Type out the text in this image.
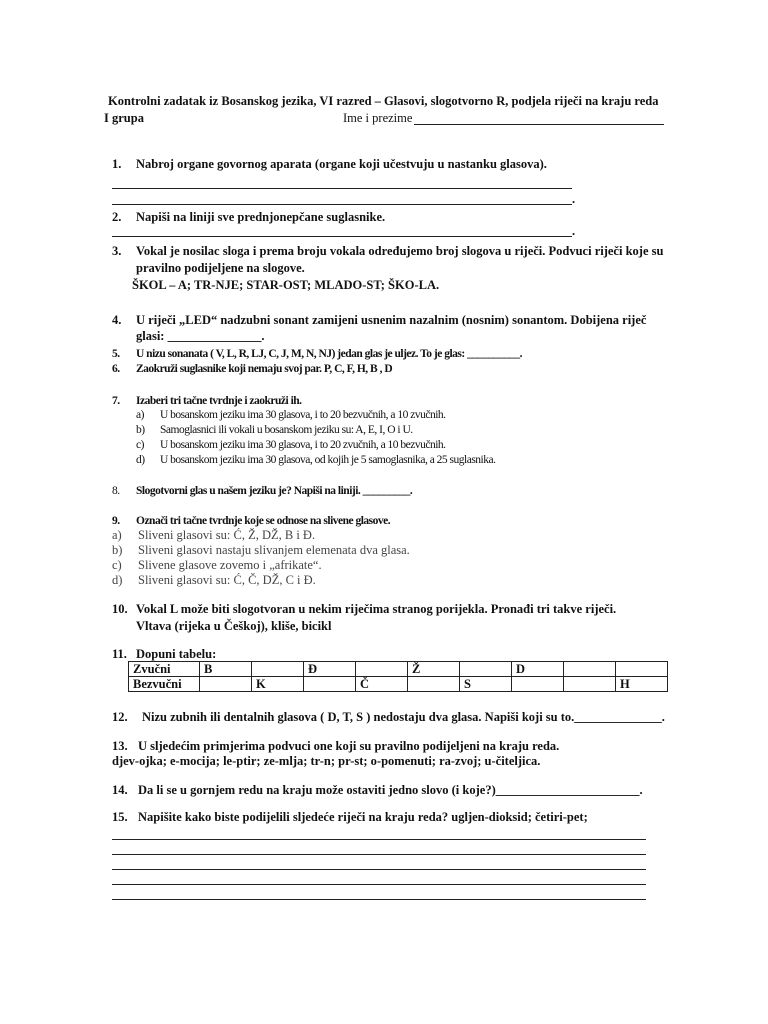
Kontrolni zadatak iz Bosanskog jezika, VI razred – Glasovi, slogotvorno R, podjela riječi na kraju reda
I grupa	Ime i prezime
1. Nabroj organe govornog aparata (organe koji učestvuju u nastanku glasova).
.
2. Napiši na liniji sve prednjonepčane suglasnike.
.
3. Vokal je nosilac sloga i prema broju vokala određujemo broj slogova u riječi. Podvuci riječi koje su
pravilno podijeljene na slogove.
ŠKOL – A; TR-NJE; STAR-OST; MLADO-ST; ŠKO-LA.
4. U riječi „LED“ nadzubni sonant zamijeni usnenim nazalnim (nosnim) sonantom. Dobijena riječ
glasi: _______________.
5. U nizu sonanata ( V, L, R, LJ, C, J, M, N, NJ) jedan glas je uljez. To je glas: __________.
6. Zaokruži suglasnike koji nemaju svoj par. P, C, F, H, B , D
7. Izaberi tri tačne tvrdnje i zaokruži ih.
a) U bosanskom jeziku ima 30 glasova, i to 20 bezvučnih, a 10 zvučnih.
b) Samoglasnici ili vokali u bosanskom jeziku su: A, E, I, O i U.
c) U bosanskom jeziku ima 30 glasova, i to 20 zvučnih, a 10 bezvučnih.
d) U bosanskom jeziku ima 30 glasova, od kojih je 5 samoglasnika, a 25 suglasnika.
8. Slogotvorni glas u našem jeziku je? Napiši na liniji. _________.
9. Označi tri tačne tvrdnje koje se odnose na slivene glasove.
a) Sliveni glasovi su: Ć, Ž, DŽ, B i Đ.
b) Sliveni glasovi nastaju slivanjem elemenata dva glasa.
c) Slivene glasove zovemo i „afrikate“.
d) Sliveni glasovi su: Ć, Č, DŽ, C i Đ.
10. Vokal L može biti slogotvoran u nekim riječima stranog porijekla. Pronađi tri takve riječi.
Vltava (rijeka u Češkoj), kliše, bicikl
11. Dopuni tabelu:
Zvučni	B		Đ		Ž		D		
Bezvučni		K		Č		S			H
12. Nizu zubnih ili dentalnih glasova ( D, T, S ) nedostaju dva glasa. Napiši koji su to.______________.
13. U sljedećim primjerima podvuci one koji su pravilno podijeljeni na kraju reda.
djev-ojka; e-mocija; le-ptir; ze-mlja; tr-n; pr-st; o-pomenuti; ra-zvoj; u-čiteljica.
14. Da li se u gornjem redu na kraju može ostaviti jedno slovo (i koje?)_______________________.
15. Napišite kako biste podijelili sljedeće riječi na kraju reda? ugljen-dioksid; četiri-pet;
